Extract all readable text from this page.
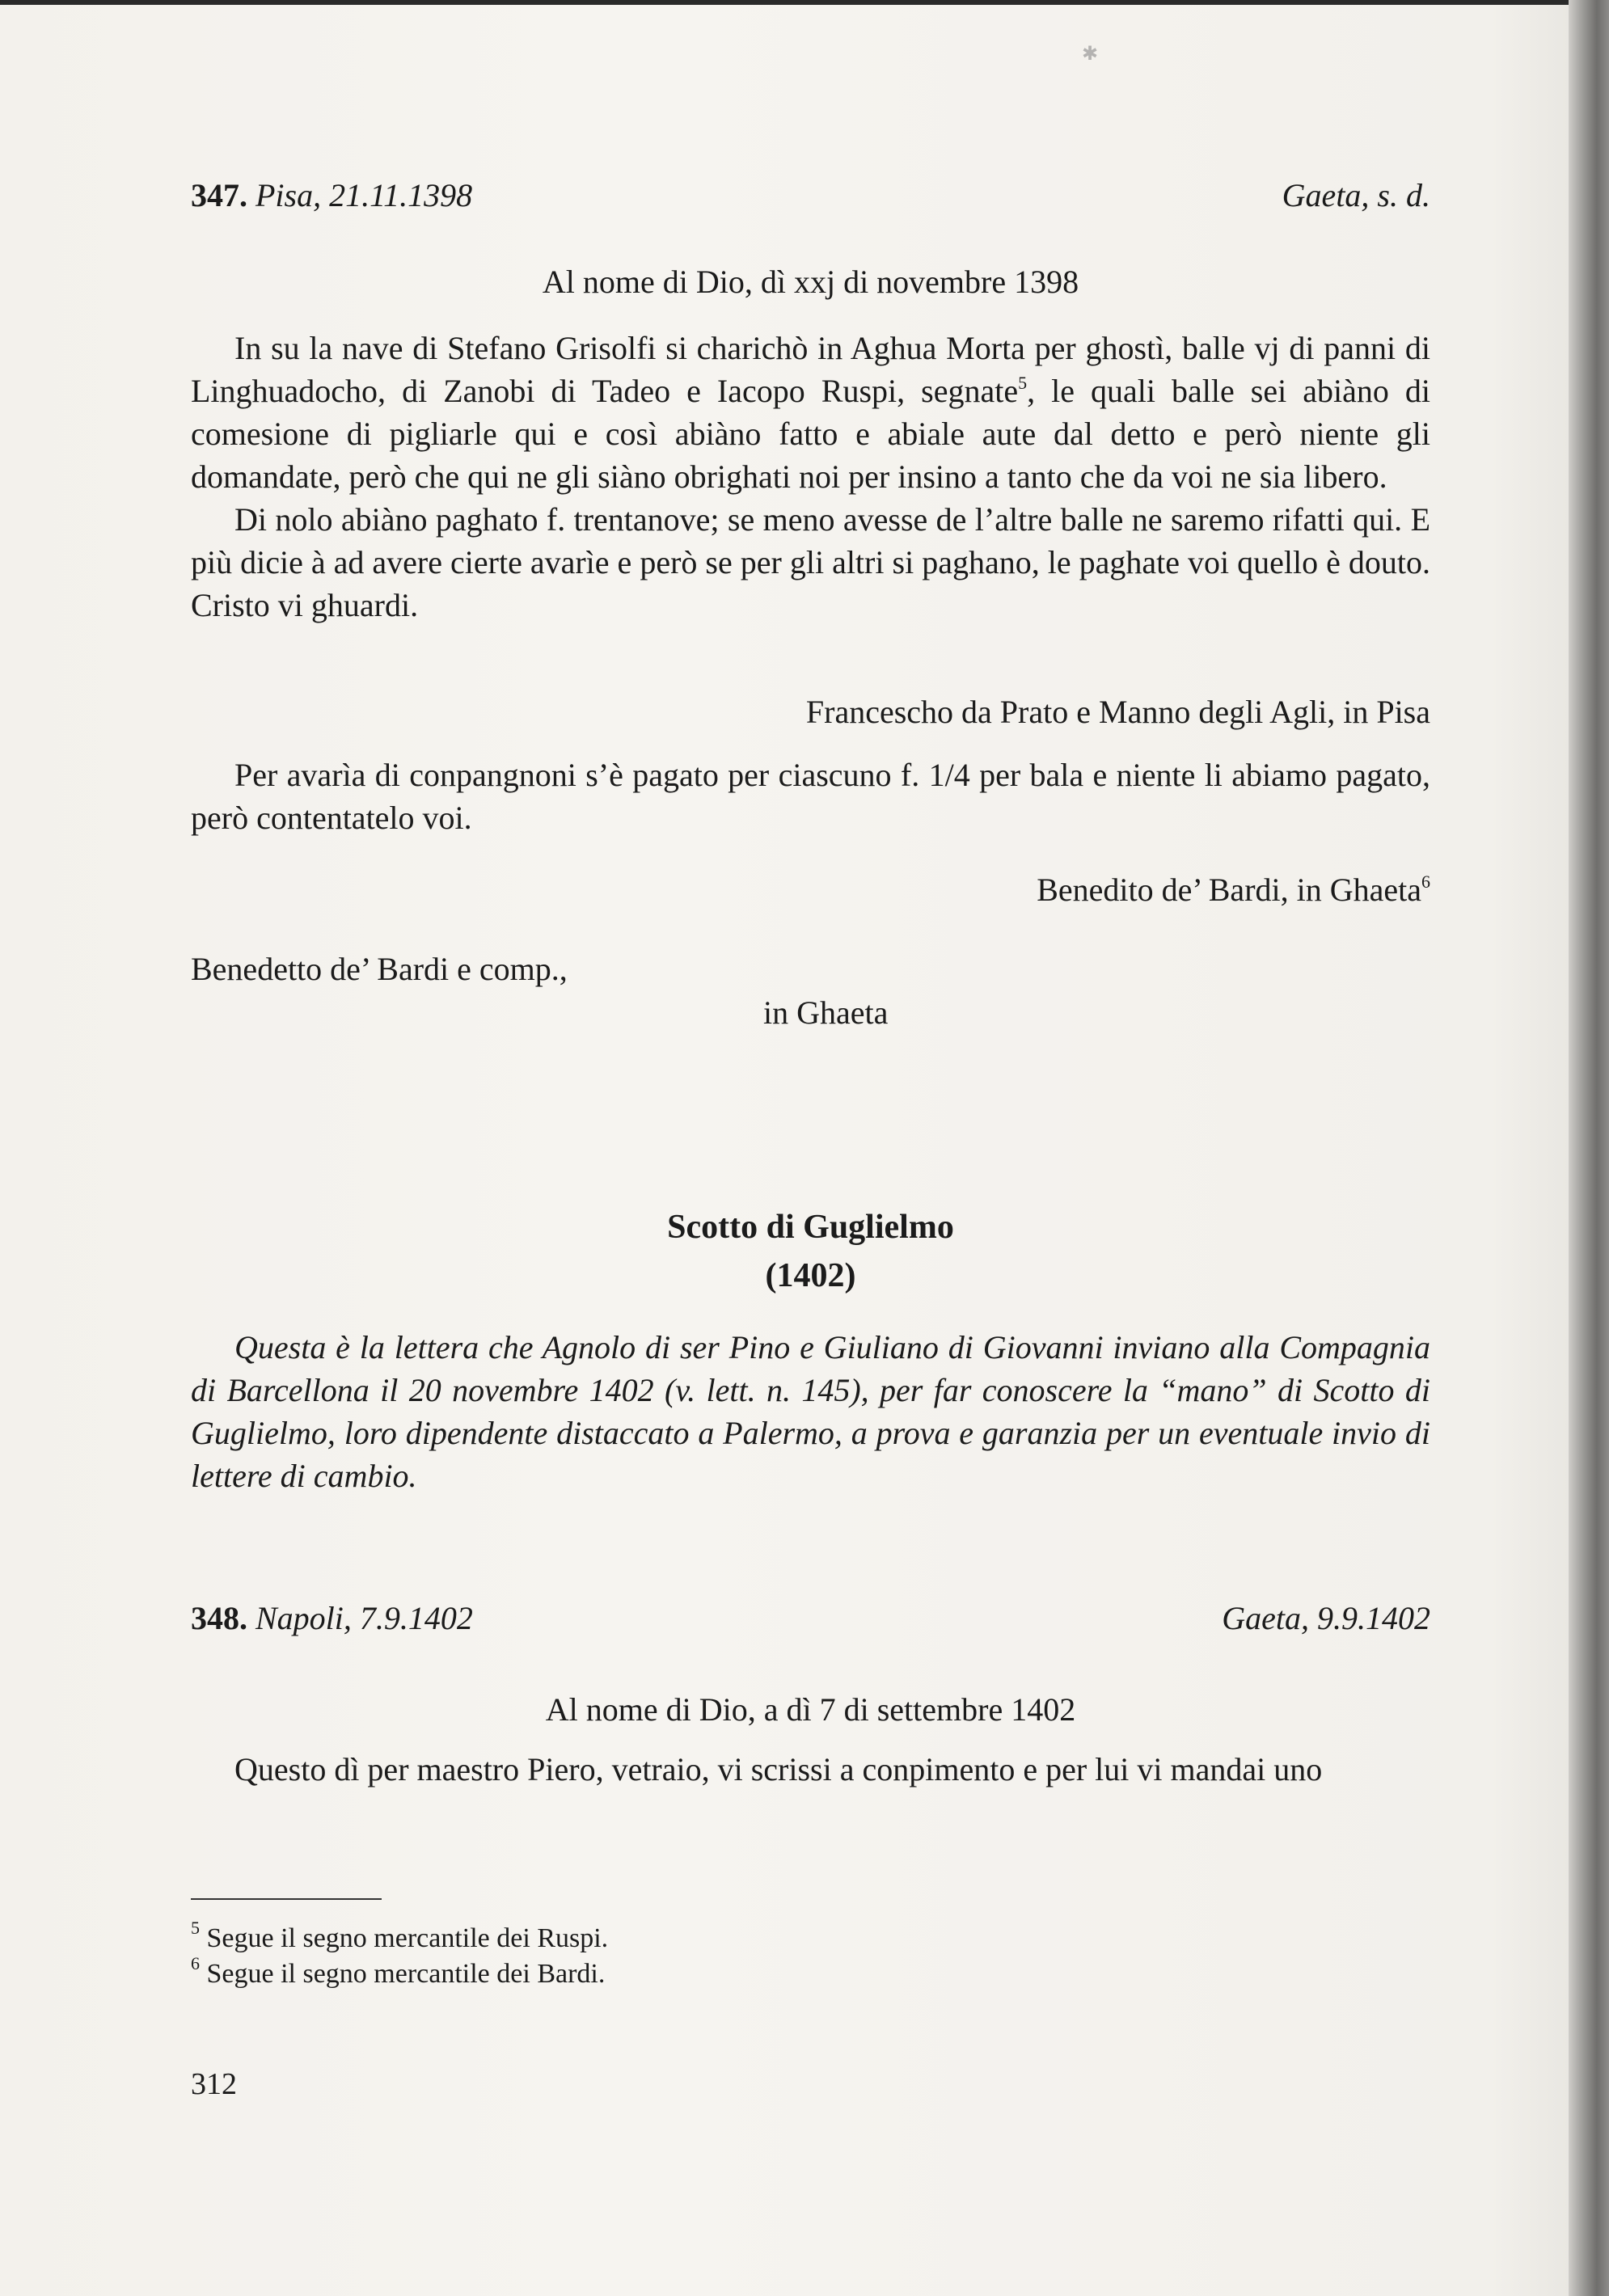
✱
347. Pisa, 21.11.1398	Gaeta, s. d.
Al nome di Dio, dì xxj di novembre 1398

In su la nave di Stefano Grisolfi si charichò in Aghua Morta per ghostì, balle vj di panni di Linghuadocho, di Zanobi di Tadeo e Iacopo Ruspi, segnate$^5$, le quali balle sei abiàno di comesione di pigliarle qui e così abiàno fatto e abiale aute dal detto e però niente gli domandate, però che qui ne gli siàno obrighati noi per insino a tanto che da voi ne sia libero.

Di nolo abiàno paghato f. trentanove; se meno avesse de l’altre balle ne saremo rifatti qui. E più dicie à ad avere cierte avarìe e però se per gli altri si paghano, le paghate voi quello è douto. Cristo vi ghuardi.

Francescho da Prato e Manno degli Agli, in Pisa

Per avarìa di conpangnoni s’è pagato per ciascuno f. 1/4 per bala e niente li abiamo pagato, però contentatelo voi.

Benedito de’ Bardi, in Ghaeta$^6$
Benedetto de’ Bardi e comp.,
in Ghaeta
Scotto di Guglielmo
(1402)

Questa è la lettera che Agnolo di ser Pino e Giuliano di Giovanni inviano alla Compagnia di Barcellona il 20 novembre 1402 (v. lett. n. 145), per far conoscere la “mano” di Scotto di Guglielmo, loro dipendente distaccato a Palermo, a prova e garanzia per un eventuale invio di lettere di cambio.

348. Napoli, 7.9.1402	Gaeta, 9.9.1402
Al nome di Dio, a dì 7 di settembre 1402

Questo dì per maestro Piero, vetraio, vi scrissi a conpimento e per lui vi mandai uno

$^5$ Segue il segno mercantile dei Ruspi.
$^6$ Segue il segno mercantile dei Bardi.
312
